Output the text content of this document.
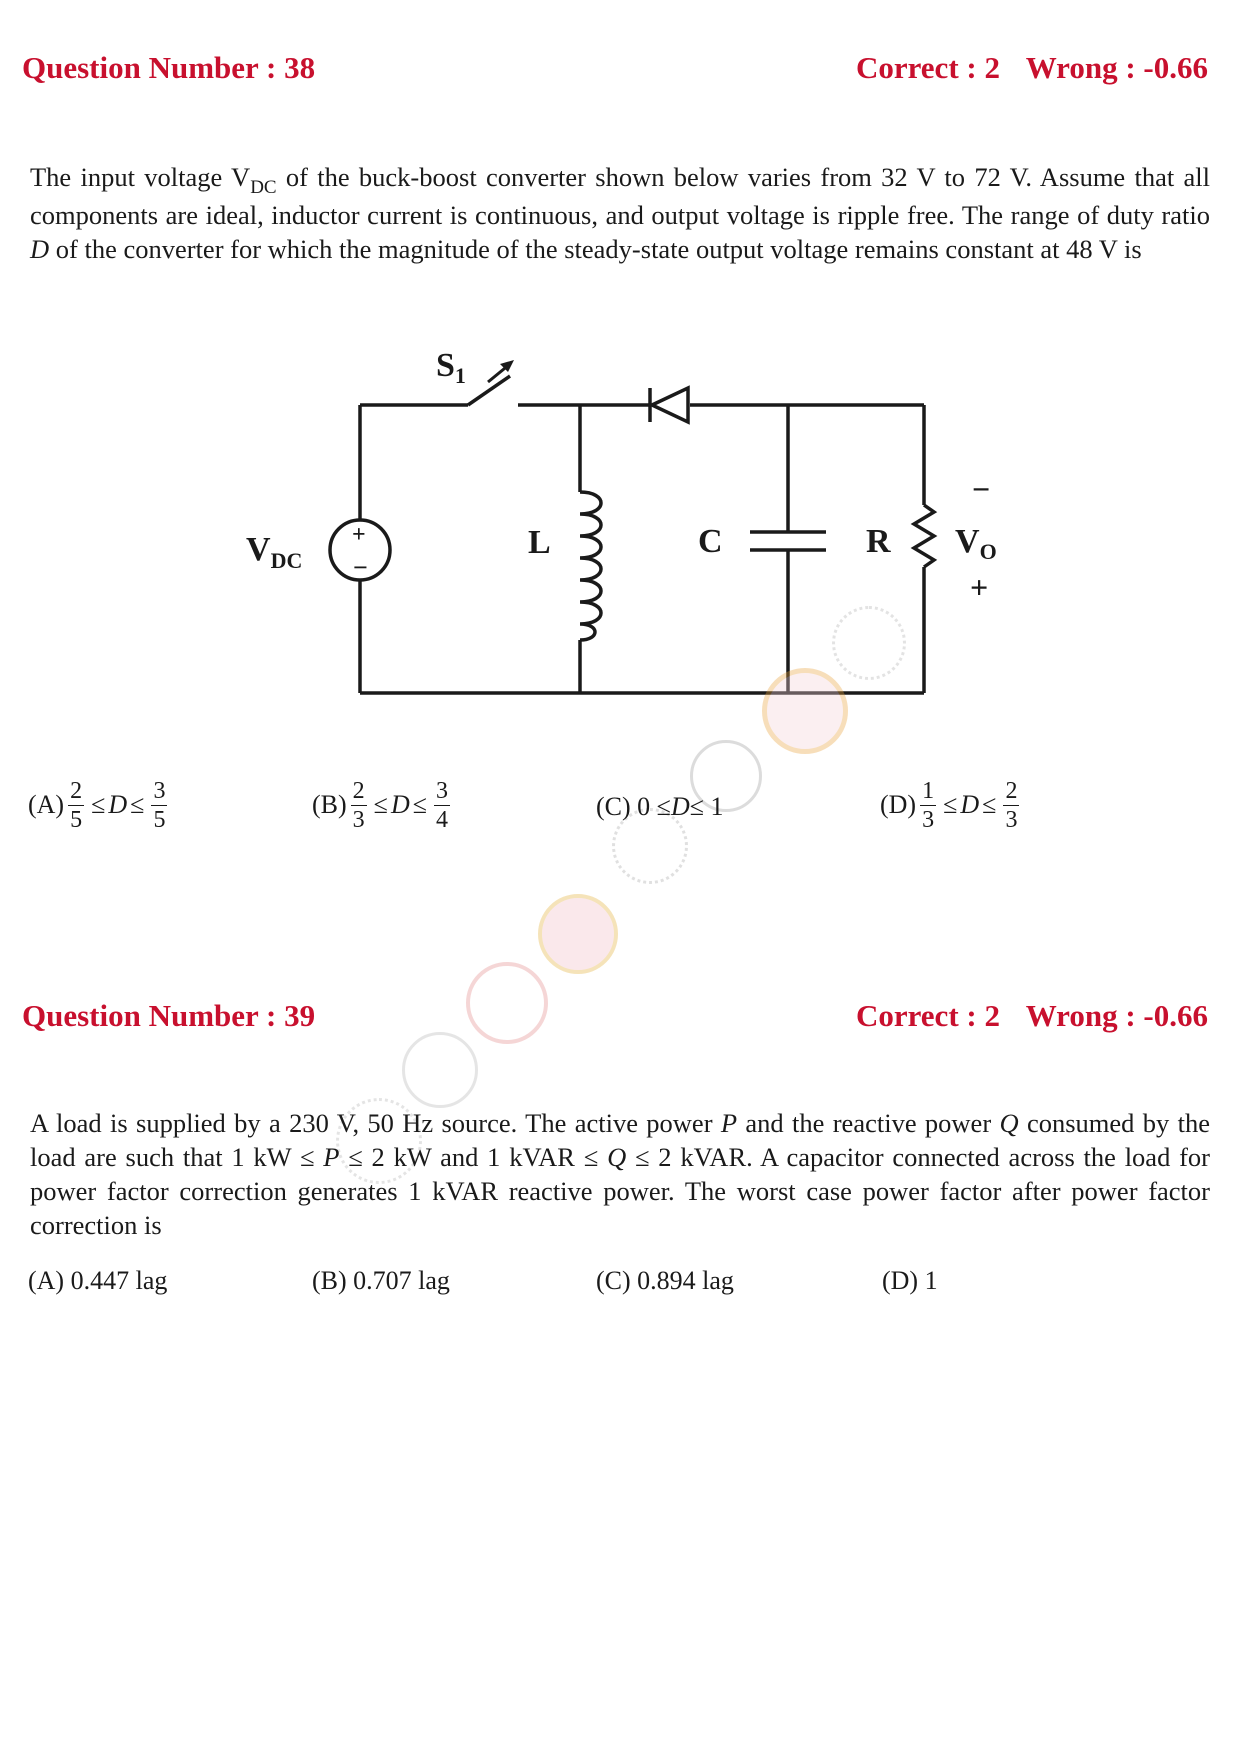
Question Number : 38	Correct : 2 Wrong : -0.66
The input voltage $V_{DC}$ of the buck-boost converter shown below varies from 32 V to 72 V. Assume that all components are ideal, inductor current is continuous, and output voltage is ripple free. The range of duty ratio D of the converter for which the magnitude of the steady-state output voltage remains constant at 48 V is
$S_1$
$V_{DC}$
+
−
L	C	R $V_O$
−
+
$(A) \frac{2}{5} \le D \le \frac{3}{5}$	$(B) \frac{2}{3} \le D \le \frac{3}{4}$	(C)
0 ≤ D ≤ 1	$(D) \frac{1}{3} \le D \le \frac{2}{3}$
Question Number : 39	Correct : 2 Wrong : -0.66
A load is supplied by a 230 V, 50 Hz source. The active power P and the reactive power Q consumed by the load are such that 1 kW ≤ P ≤ 2 kW and 1 kVAR ≤ Q ≤ 2 kVAR. A capacitor connected across the load for power factor correction generates 1 kVAR reactive power. The worst case power factor after power factor correction is
(A) 0.447 lag	(B) 0.707 lag	(C) 0.894 lag	(D) 1
